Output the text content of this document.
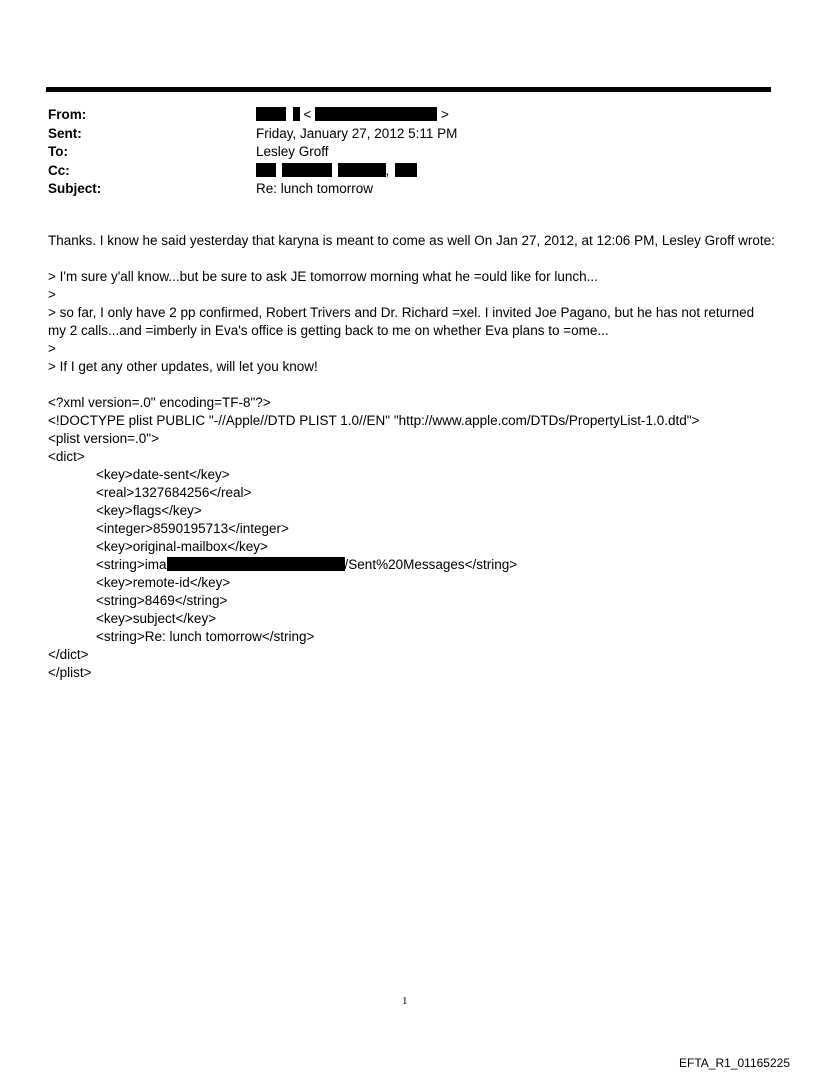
From:	<	>
Sent:	Friday, January 27, 2012 5:11 PM
To:	Lesley Groff
Cc:	,
Subject:	Re: lunch tomorrow
Thanks. I know he said yesterday that karyna is meant to come as well On Jan 27, 2012, at 12:06 PM, Lesley Groff wrote:
> I'm sure y'all know...but be sure to ask JE tomorrow morning what he =ould like for lunch...
>
> so far, I only have 2 pp confirmed, Robert Trivers and Dr. Richard =xel. I invited Joe Pagano, but he has not returned
my 2 calls...and =imberly in Eva's office is getting back to me on whether Eva plans to =ome...
>
> If I get any other updates, will let you know!
<?xml version=.0" encoding=TF-8"?>
<!DOCTYPE plist PUBLIC "-//Apple//DTD PLIST 1.0//EN" "http://www.apple.com/DTDs/PropertyList-1.0.dtd">
<plist version=.0">
<dict>
<key>date-sent</key>
<real>1327684256</real>
<key>flags</key>
<integer>8590195713</integer>
<key>original-mailbox</key>
<string>ima	/Sent%20Messages</string>
<key>remote-id</key>
<string>8469</string>
<key>subject</key>
<string>Re: lunch tomorrow</string>
</dict>
</plist>
1
EFTA_R1_01165225
